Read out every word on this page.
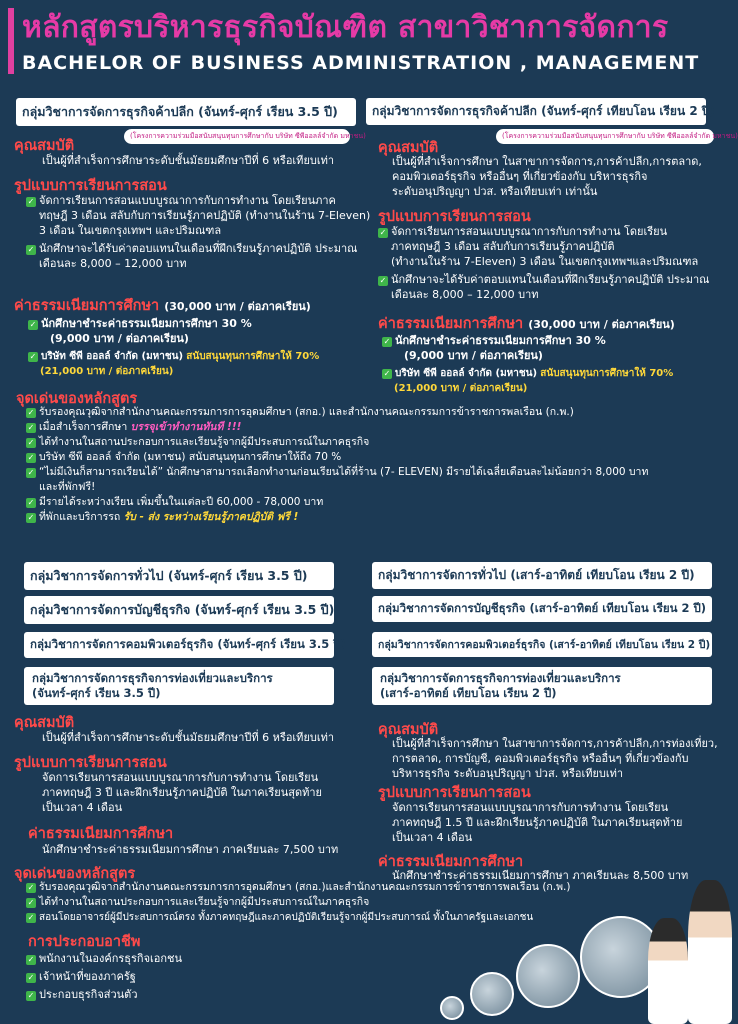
หลักสูตรบริหารธุรกิจบัณฑิต สาขาวิชาการจัดการ
BACHELOR OF BUSINESS ADMINISTRATION , MANAGEMENT
กลุ่มวิชาการจัดการธุรกิจค้าปลีก (จันทร์-ศุกร์ เรียน 3.5 ปี)
(โครงการความร่วมมือสนับสนุนทุนการศึกษากับ บริษัท ซีพีออลล์จำกัด มหาชน)
คุณสมบัติ
เป็นผู้ที่สำเร็จการศึกษาระดับชั้นมัธยมศึกษาปีที่ 6 หรือเทียบเท่า
รูปแบบการเรียนการสอน
✓ จัดการเรียนการสอนแบบบูรณาการกับการทำงาน โดยเรียนภาค
ทฤษฎี 3 เดือน สลับกับการเรียนรู้ภาคปฏิบัติ (ทำงานในร้าน 7-Eleven)
3 เดือน ในเขตกรุงเทพฯ และปริมณฑล
✓ นักศึกษาจะได้รับค่าตอบแทนในเดือนที่ฝึกเรียนรู้ภาคปฏิบัติ ประมาณ
เดือนละ 8,000 – 12,000 บาท
ค่าธรรมเนียมการศึกษา (30,000 บาท / ต่อภาคเรียน)
✓ นักศึกษาชำระค่าธรรมเนียมการศึกษา 30 %
(9,000 บาท / ต่อภาคเรียน)
✓ บริษัท ซีพี ออลล์ จำกัด (มหาชน) สนับสนุนทุนการศึกษาให้ 70%
(21,000 บาท / ต่อภาคเรียน)
กลุ่มวิชาการจัดการธุรกิจค้าปลีก (จันทร์-ศุกร์ เทียบโอน เรียน 2 ปี)
(โครงการความร่วมมือสนับสนุนทุนการศึกษากับ บริษัท ซีพีออลล์จำกัด มหาชน)
คุณสมบัติ
เป็นผู้ที่สำเร็จการศึกษา ในสาขาการจัดการ,การค้าปลีก,การตลาด,
คอมพิวเตอร์ธุรกิจ หรืออื่นๆ ที่เกี่ยวข้องกับ บริหารธุรกิจ
ระดับอนุปริญญา ปวส. หรือเทียบเท่า เท่านั้น
รูปแบบการเรียนการสอน
✓ จัดการเรียนการสอนแบบบูรณาการกับการทำงาน โดยเรียน
ภาคทฤษฎี 3 เดือน สลับกับการเรียนรู้ภาคปฏิบัติ
(ทำงานในร้าน 7-Eleven) 3 เดือน ในเขตกรุงเทพฯและปริมณฑล
✓ นักศึกษาจะได้รับค่าตอบแทนในเดือนที่ฝึกเรียนรู้ภาคปฏิบัติ ประมาณ
เดือนละ 8,000 – 12,000 บาท
ค่าธรรมเนียมการศึกษา (30,000 บาท / ต่อภาคเรียน)
✓ นักศึกษาชำระค่าธรรมเนียมการศึกษา 30 %
(9,000 บาท / ต่อภาคเรียน)
✓ บริษัท ซีพี ออลล์ จำกัด (มหาชน) สนับสนุนทุนการศึกษาให้ 70%
(21,000 บาท / ต่อภาคเรียน)
จุดเด่นของหลักสูตร
✓ รับรองคุณวุฒิจากสำนักงานคณะกรรมการการอุดมศึกษา (สกอ.) และสำนักงานคณะกรรมการข้าราชการพลเรือน (ก.พ.)
✓ เมื่อสำเร็จการศึกษา บรรจุเข้าทำงานทันที !!!
✓ ได้ทำงานในสถานประกอบการและเรียนรู้จากผู้มีประสบการณ์ในภาคธุรกิจ
✓ บริษัท ซีพี ออลล์ จำกัด (มหาชน) สนับสนุนทุนการศึกษาให้ถึง 70 %
✓ “ไม่มีเงินก็สามารถเรียนได้” นักศึกษาสามารถเลือกทำงานก่อนเรียนได้ที่ร้าน (7- ELEVEN) มีรายได้เฉลี่ยเดือนละไม่น้อยกว่า 8,000 บาท
และที่พักฟรี!
✓ มีรายได้ระหว่างเรียน เพิ่มขึ้นในแต่ละปี 60,000 - 78,000 บาท
✓ ที่พักและบริการรถ รับ - ส่ง ระหว่างเรียนรู้ภาคปฏิบัติ ฟรี !
กลุ่มวิชาการจัดการทั่วไป (จันทร์-ศุกร์ เรียน 3.5 ปี)
กลุ่มวิชาการจัดการบัญชีธุรกิจ (จันทร์-ศุกร์ เรียน 3.5 ปี)
กลุ่มวิชาการจัดการคอมพิวเตอร์ธุรกิจ (จันทร์-ศุกร์ เรียน 3.5 ปี)
กลุ่มวิชาการจัดการธุรกิจการท่องเที่ยวและบริการ
(จันทร์-ศุกร์ เรียน 3.5 ปี)
กลุ่มวิชาการจัดการทั่วไป (เสาร์-อาทิตย์ เทียบโอน เรียน 2 ปี)
กลุ่มวิชาการจัดการบัญชีธุรกิจ (เสาร์-อาทิตย์ เทียบโอน เรียน 2 ปี)
กลุ่มวิชาการจัดการคอมพิวเตอร์ธุรกิจ (เสาร์-อาทิตย์ เทียบโอน เรียน 2 ปี)
กลุ่มวิชาการจัดการธุรกิจการท่องเที่ยวและบริการ
(เสาร์-อาทิตย์ เทียบโอน เรียน 2 ปี)
คุณสมบัติ
เป็นผู้ที่สำเร็จการศึกษาระดับชั้นมัธยมศึกษาปีที่ 6 หรือเทียบเท่า
รูปแบบการเรียนการสอน
จัดการเรียนการสอนแบบบูรณาการกับการทำงาน โดยเรียน
ภาคทฤษฎี 3 ปี และฝึกเรียนรู้ภาคปฏิบัติ ในภาคเรียนสุดท้าย
เป็นเวลา 4 เดือน
ค่าธรรมเนียมการศึกษา
นักศึกษาชำระค่าธรรมเนียมการศึกษา ภาคเรียนละ 7,500 บาท
จุดเด่นของหลักสูตร
✓ รับรองคุณวุฒิจากสำนักงานคณะกรรมการการอุดมศึกษา (สกอ.)และสำนักงานคณะกรรมการข้าราชการพลเรือน (ก.พ.)
✓ ได้ทำงานในสถานประกอบการและเรียนรู้จากผู้มีประสบการณ์ในภาคธุรกิจ
✓ สอนโดยอาจารย์ผู้มีประสบการณ์ตรง ทั้งภาคทฤษฎีและภาคปฏิบัติเรียนรู้จากผู้มีประสบการณ์ ทั้งในภาครัฐและเอกชน
การประกอบอาชีพ
✓ พนักงานในองค์กรธุรกิจเอกชน
✓ เจ้าหน้าที่ของภาครัฐ
✓ ประกอบธุรกิจส่วนตัว
คุณสมบัติ
เป็นผู้ที่สำเร็จการศึกษา ในสาขาการจัดการ,การค้าปลีก,การท่องเที่ยว,
การตลาด, การบัญชี, คอมพิวเตอร์ธุรกิจ หรืออื่นๆ ที่เกี่ยวข้องกับ
บริหารธุรกิจ ระดับอนุปริญญา ปวส. หรือเทียบเท่า
รูปแบบการเรียนการสอน
จัดการเรียนการสอนแบบบูรณาการกับการทำงาน โดยเรียน
ภาคทฤษฎี 1.5 ปี และฝึกเรียนรู้ภาคปฏิบัติ ในภาคเรียนสุดท้าย
เป็นเวลา 4 เดือน
ค่าธรรมเนียมการศึกษา
นักศึกษาชำระค่าธรรมเนียมการศึกษา ภาคเรียนละ 8,500 บาท
